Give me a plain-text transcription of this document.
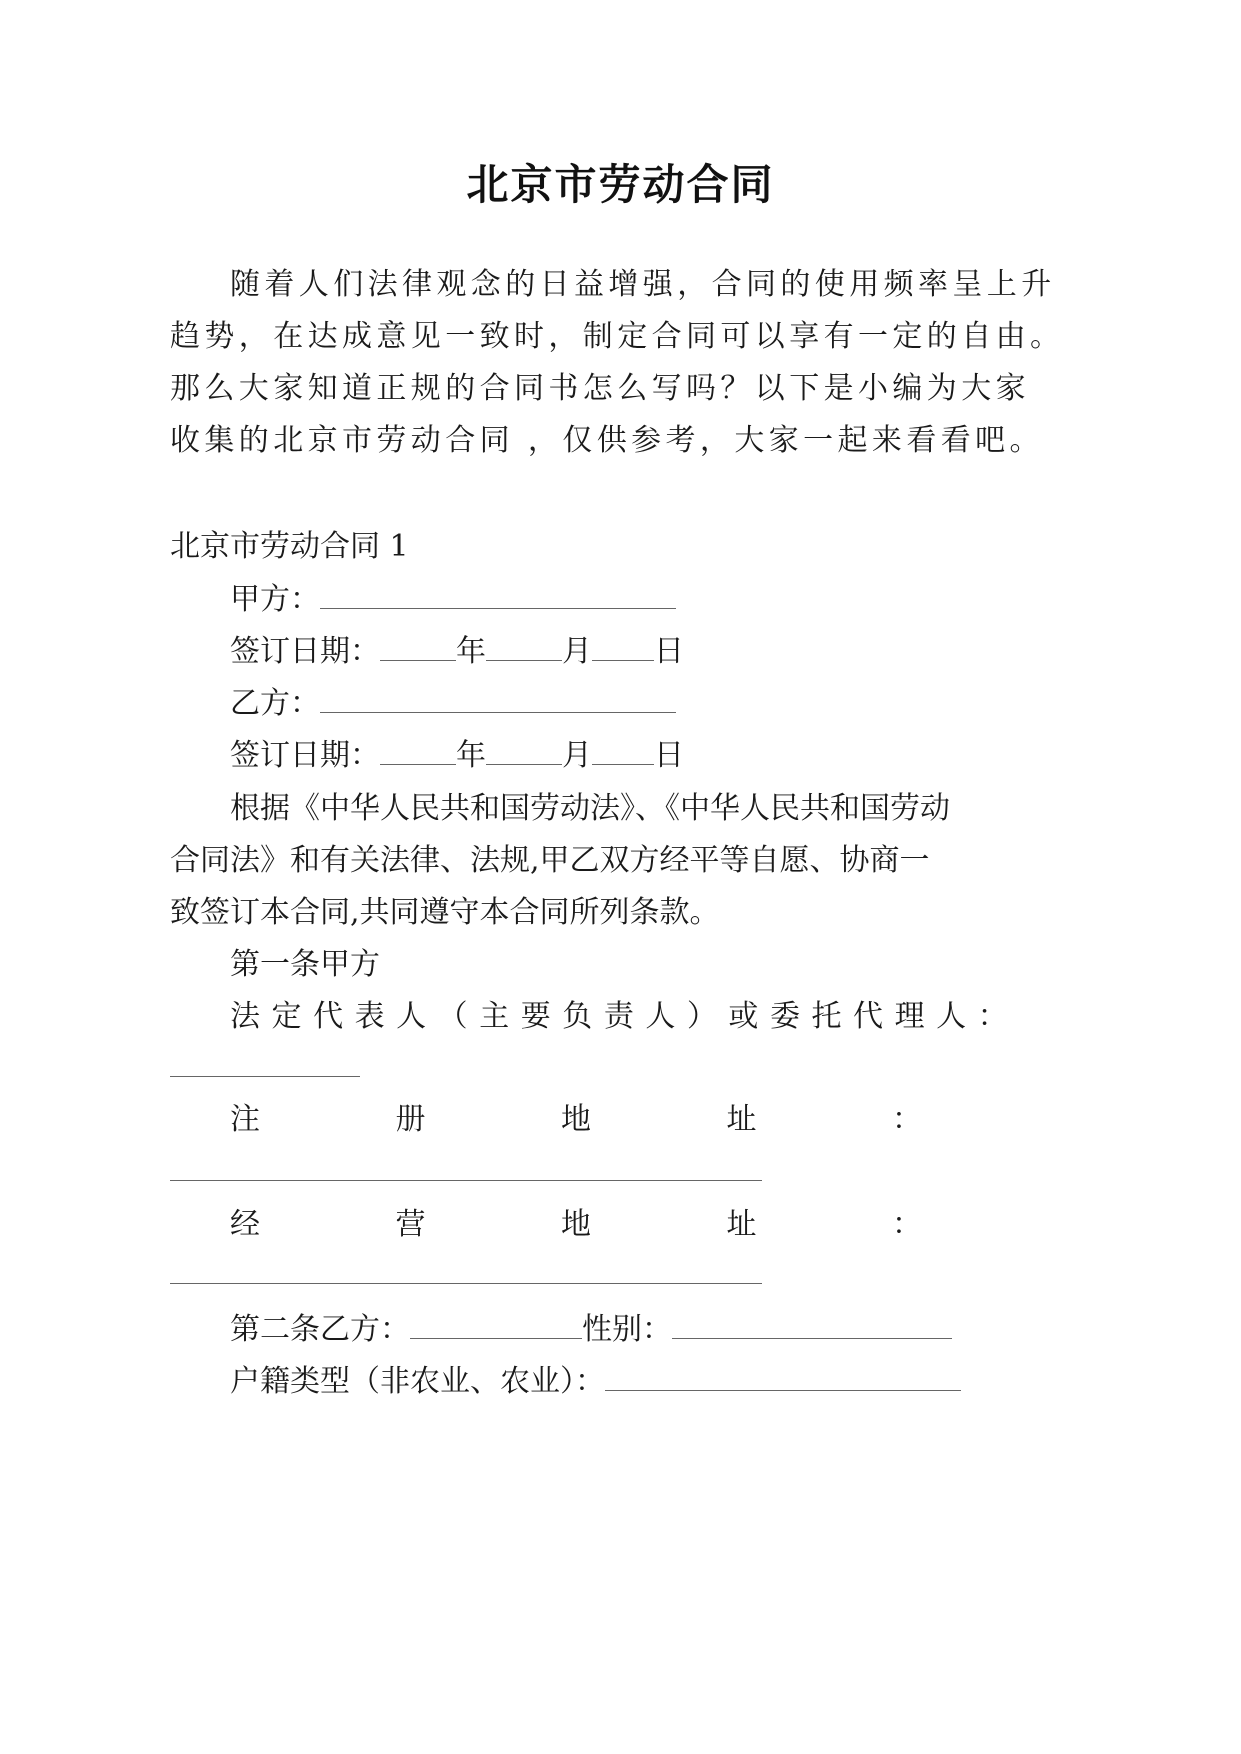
北京市劳动合同
随着人们法律观念的日益增强，合同的使用频率呈上升
趋势，在达成意见一致时，制定合同可以享有一定的自由。
那么大家知道正规的合同书怎么写吗？以下是小编为大家
收集的北京市劳动合同 ，仅供参考，大家一起来看看吧。
北京市劳动合同 1
甲方：
签订日期：	年	月 日
乙方：
签订日期：	年	月 日
根据《中华人民共和国劳动法》、《中华人民共和国劳动
合同法》和有关法律、法规,甲乙双方经平等自愿、协商一
致签订本合同,共同遵守本合同所列条款。
第一条甲方
法 定 代 表 人 （ 主 要 负 责 人 ） 或 委 托 代 理 人 ：
注	册	地	址	：
经	营	地	址	：
第二条乙方：	性别：
户籍类型（非农业、农业）：
